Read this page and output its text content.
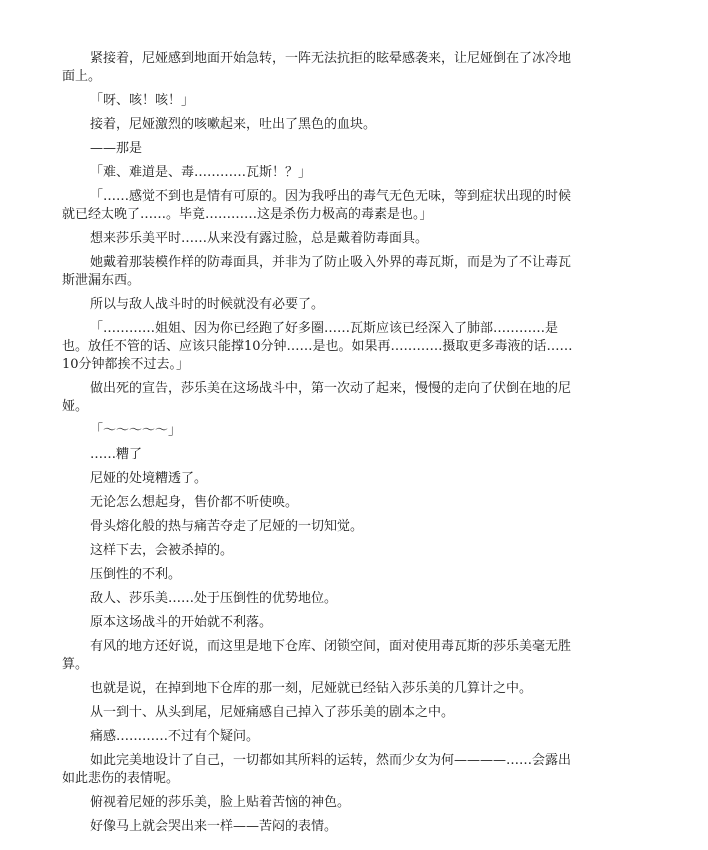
紧接着，尼娅感到地面开始急转，一阵无法抗拒的眩晕感袭来，让尼娅倒在了冰冷地面上。

「呀、咳！咳！」

接着，尼娅激烈的咳嗽起来，吐出了黑色的血块。

——那是

「难、难道是、毒…………瓦斯！？」

「……感觉不到也是情有可原的。因为我呼出的毒气无色无味，等到症状出现的时候就已经太晚了……。毕竟…………这是杀伤力极高的毒素是也。」

想来莎乐美平时……从来没有露过脸，总是戴着防毒面具。

她戴着那装模作样的防毒面具，并非为了防止吸入外界的毒瓦斯，而是为了不让毒瓦斯泄漏东西。

所以与敌人战斗时的时候就没有必要了。

「…………姐姐、因为你已经跑了好多圈……瓦斯应该已经深入了肺部…………是也。放任不管的话、应该只能撑10分钟……是也。如果再…………摄取更多毒液的话……10分钟都挨不过去。」

做出死的宣告，莎乐美在这场战斗中，第一次动了起来，慢慢的走向了伏倒在地的尼娅。

「～～～～～」

……糟了

尼娅的处境糟透了。

无论怎么想起身，售价都不听使唤。

骨头熔化般的热与痛苦夺走了尼娅的一切知觉。

这样下去，会被杀掉的。

压倒性的不利。

敌人、莎乐美……处于压倒性的优势地位。

原本这场战斗的开始就不利落。

有风的地方还好说，而这里是地下仓库、闭锁空间，面对使用毒瓦斯的莎乐美毫无胜算。

也就是说，在掉到地下仓库的那一刻，尼娅就已经钻入莎乐美的几算计之中。

从一到十、从头到尾，尼娅痛感自己掉入了莎乐美的剧本之中。

痛感…………不过有个疑问。

如此完美地设计了自己，一切都如其所料的运转，然而少女为何————……会露出如此悲伤的表情呢。

俯视着尼娅的莎乐美，脸上贴着苦恼的神色。

好像马上就会哭出来一样——苦闷的表情。
